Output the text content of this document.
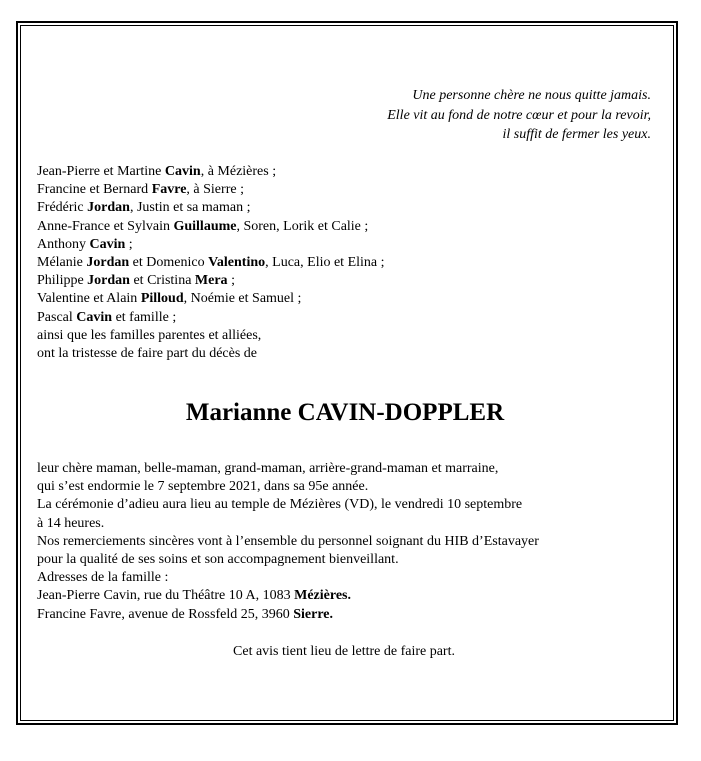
Une personne chère ne nous quitte jamais.
Elle vit au fond de notre cœur et pour la revoir,
il suffit de fermer les yeux.
Jean-Pierre et Martine Cavin, à Mézières ;
Francine et Bernard Favre, à Sierre ;
Frédéric Jordan, Justin et sa maman ;
Anne-France et Sylvain Guillaume, Soren, Lorik et Calie ;
Anthony Cavin ;
Mélanie Jordan et Domenico Valentino, Luca, Elio et Elina ;
Philippe Jordan et Cristina Mera ;
Valentine et Alain Pilloud, Noémie et Samuel ;
Pascal Cavin et famille ;
ainsi que les familles parentes et alliées,
ont la tristesse de faire part du décès de
Marianne CAVIN-DOPPLER
leur chère maman, belle-maman, grand-maman, arrière-grand-maman et marraine,
qui s’est endormie le 7 septembre 2021, dans sa 95e année.
La cérémonie d’adieu aura lieu au temple de Mézières (VD), le vendredi 10 septembre
à 14 heures.
Nos remerciements sincères vont à l’ensemble du personnel soignant du HIB d’Estavayer
pour la qualité de ses soins et son accompagnement bienveillant.
Adresses de la famille :
Jean-Pierre Cavin, rue du Théâtre 10 A, 1083 Mézières.
Francine Favre, avenue de Rossfeld 25, 3960 Sierre.
Cet avis tient lieu de lettre de faire part.
